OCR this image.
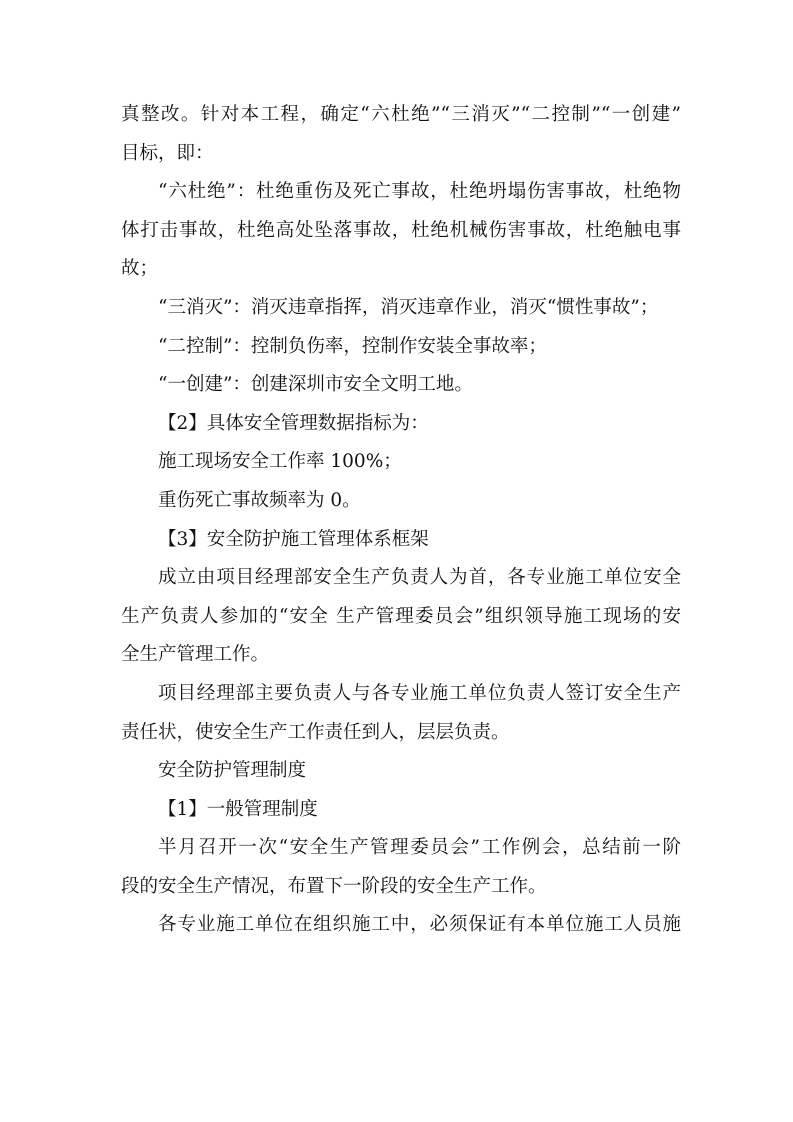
真整改。针对本工程，确定“六杜绝”“三消灭”“二控制”“一创建”
目标，即：
“六杜绝”：杜绝重伤及死亡事故，杜绝坍塌伤害事故，杜绝物
体打击事故，杜绝高处坠落事故，杜绝机械伤害事故，杜绝触电事
故；
“三消灭”：消灭违章指挥，消灭违章作业，消灭“惯性事故”；
“二控制”：控制负伤率，控制作安装全事故率；
“一创建”：创建深圳市安全文明工地。
【2】具体安全管理数据指标为：
施工现场安全工作率 100%；
重伤死亡事故频率为 0。
【3】安全防护施工管理体系框架
成立由项目经理部安全生产负责人为首，各专业施工单位安全
生产负责人参加的“安全 生产管理委员会”组织领导施工现场的安
全生产管理工作。
项目经理部主要负责人与各专业施工单位负责人签订安全生产
责任状，使安全生产工作责任到人，层层负责。
安全防护管理制度
【1】一般管理制度
半月召开一次“安全生产管理委员会”工作例会，总结前一阶
段的安全生产情况，布置下一阶段的安全生产工作。
各专业施工单位在组织施工中，必须保证有本单位施工人员施
